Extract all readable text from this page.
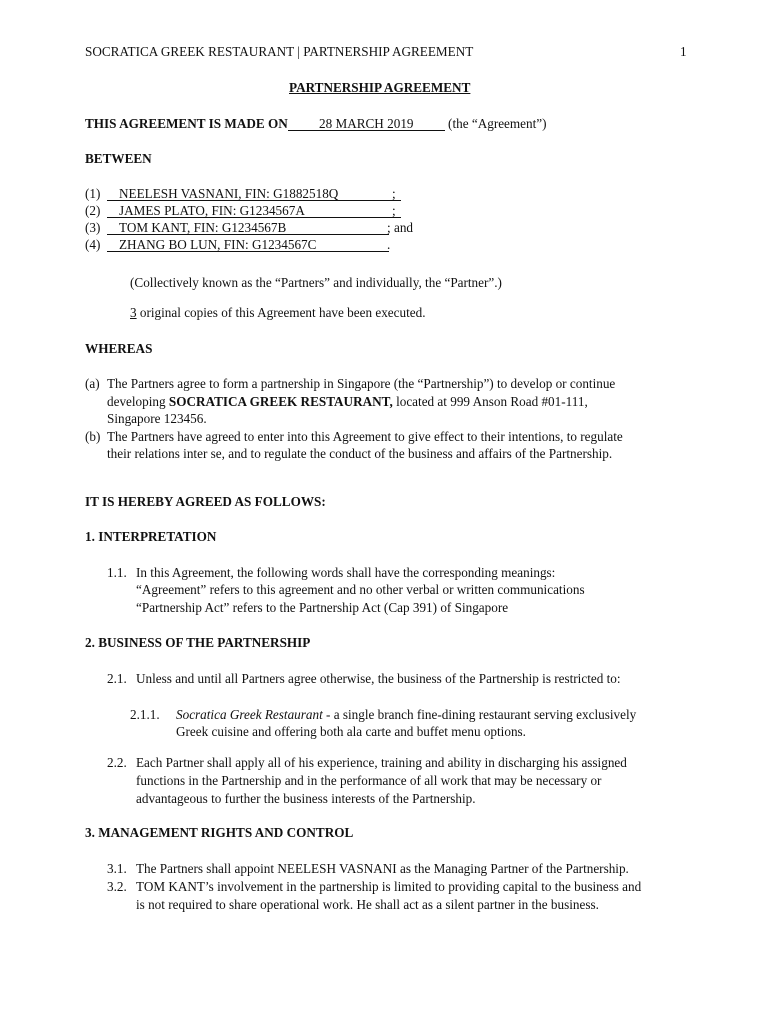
SOCRATICA GREEK RESTAURANT | PARTNERSHIP AGREEMENT	1
PARTNERSHIP AGREEMENT
THIS AGREEMENT IS MADE ON 28 MARCH 2019	(the “Agreement”)
BETWEEN
(1)	NEELESH VASNANI, FIN: G1882518Q	;
(2)	JAMES PLATO, FIN: G1234567A	;
(3)	TOM KANT, FIN: G1234567B	; and
(4)	ZHANG BO LUN, FIN: G1234567C	.
(Collectively known as the “Partners” and individually, the “Partner”.)
3 original copies of this Agreement have been executed.
WHEREAS
(a) The Partners agree to form a partnership in Singapore (the “Partnership”) to develop or continue
developing SOCRATICA GREEK RESTAURANT, located at 999 Anson Road #01-111,
Singapore 123456.
(b) The Partners have agreed to enter into this Agreement to give effect to their intentions, to regulate
their relations inter se, and to regulate the conduct of the business and affairs of the Partnership.
IT IS HEREBY AGREED AS FOLLOWS:
1. INTERPRETATION
1.1. In this Agreement, the following words shall have the corresponding meanings:
“Agreement” refers to this agreement and no other verbal or written communications
“Partnership Act” refers to the Partnership Act (Cap 391) of Singapore
2. BUSINESS OF THE PARTNERSHIP
2.1. Unless and until all Partners agree otherwise, the business of the Partnership is restricted to:
2.1.1. Socratica Greek Restaurant - a single branch fine-dining restaurant serving exclusively
Greek cuisine and offering both ala carte and buffet menu options.
2.2. Each Partner shall apply all of his experience, training and ability in discharging his assigned
functions in the Partnership and in the performance of all work that may be necessary or
advantageous to further the business interests of the Partnership.
3. MANAGEMENT RIGHTS AND CONTROL
3.1. The Partners shall appoint NEELESH VASNANI as the Managing Partner of the Partnership.
3.2. TOM KANT’s involvement in the partnership is limited to providing capital to the business and
is not required to share operational work. He shall act as a silent partner in the business.
